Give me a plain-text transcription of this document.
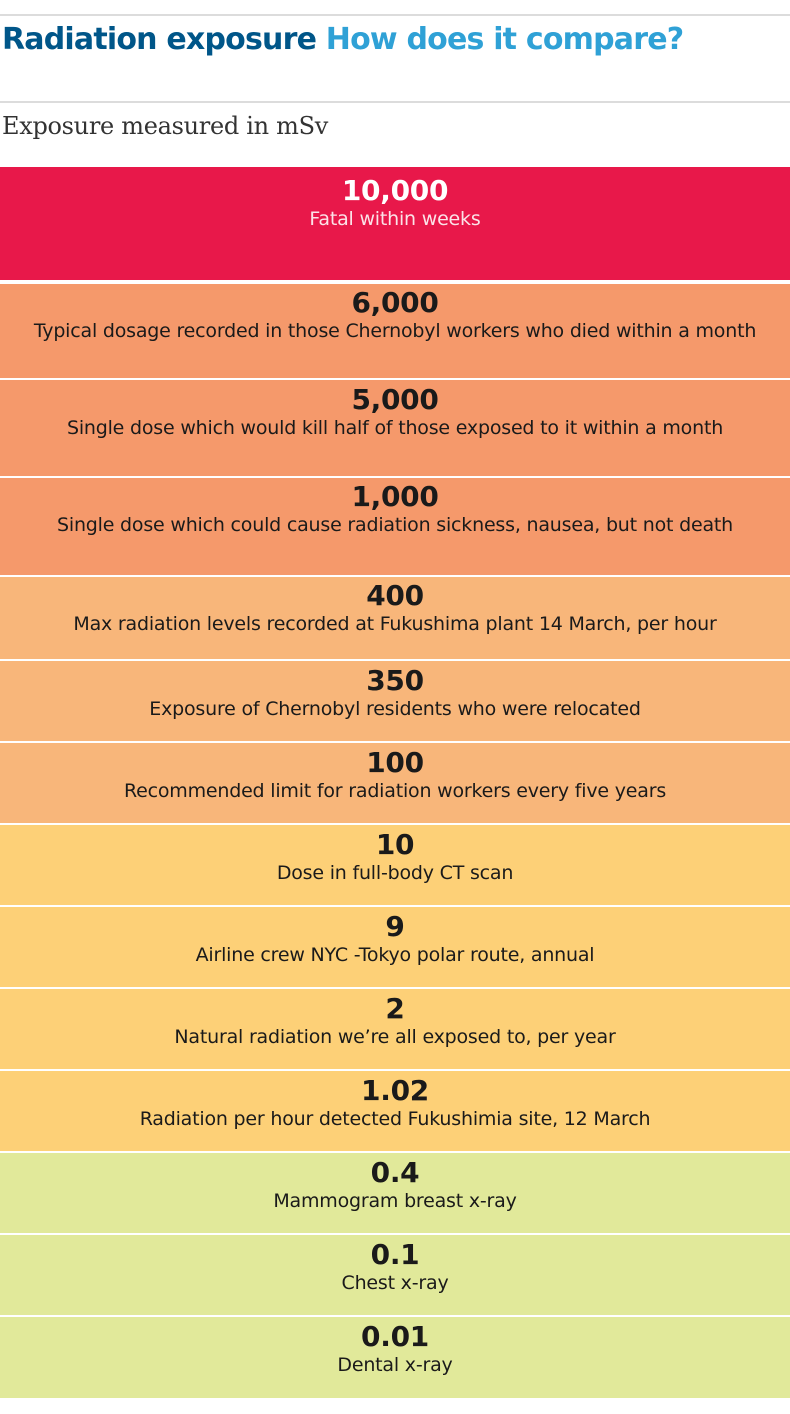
Radiation exposure How does it compare?
Exposure measured in mSv
10,000
Fatal within weeks
6,000
Typical dosage recorded in those Chernobyl workers who died within a month
5,000
Single dose which would kill half of those exposed to it within a month
1,000
Single dose which could cause radiation sickness, nausea, but not death
400
Max radiation levels recorded at Fukushima plant 14 March, per hour
350
Exposure of Chernobyl residents who were relocated
100
Recommended limit for radiation workers every five years
10
Dose in full-body CT scan
9
Airline crew NYC -Tokyo polar route, annual
2
Natural radiation we’re all exposed to, per year
1.02
Radiation per hour detected Fukushimia site, 12 March
0.4
Mammogram breast x-ray
0.1
Chest x-ray
0.01
Dental x-ray
